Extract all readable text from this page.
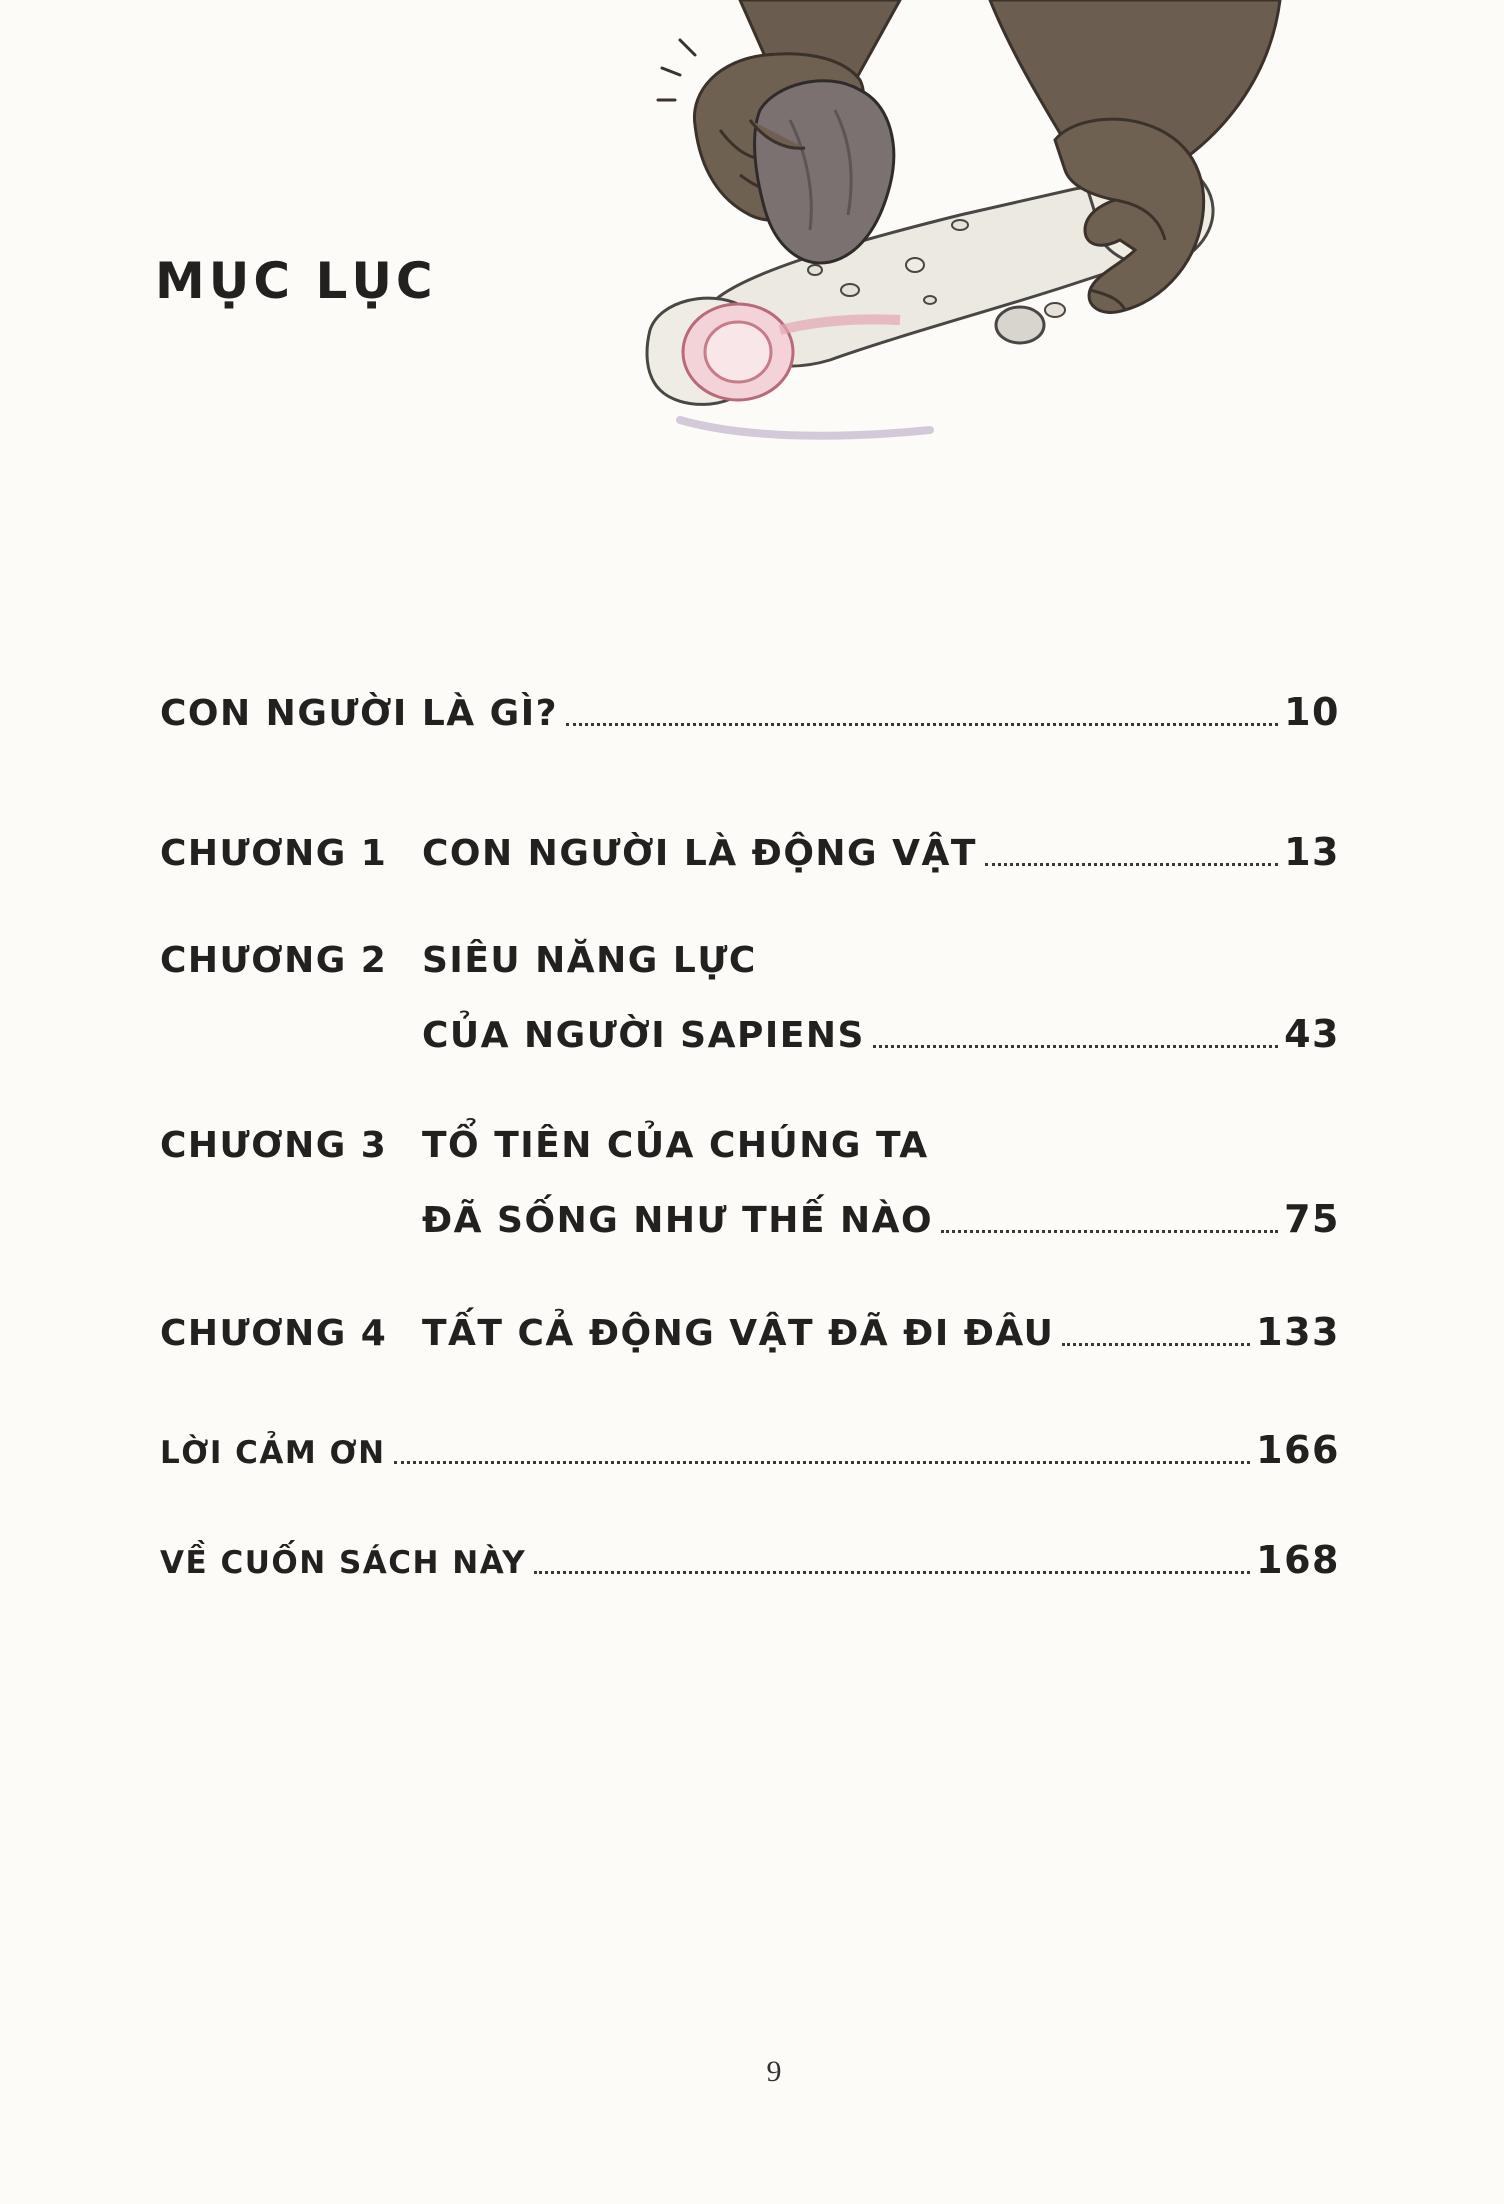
MỤC LỤC
CON NGƯỜI LÀ GÌ?	10
CHƯƠNG 1 CON NGƯỜI LÀ ĐỘNG VẬT	13
CHƯƠNG 2 SIÊU NĂNG LỰC
CỦA NGƯỜI SAPIENS	43
CHƯƠNG 3 TỔ TIÊN CỦA CHÚNG TA
ĐÃ SỐNG NHƯ THẾ NÀO	75
CHƯƠNG 4 TẤT CẢ ĐỘNG VẬT ĐÃ ĐI ĐÂU	133
LỜI CẢM ƠN	166
VỀ CUỐN SÁCH NÀY	168
9
